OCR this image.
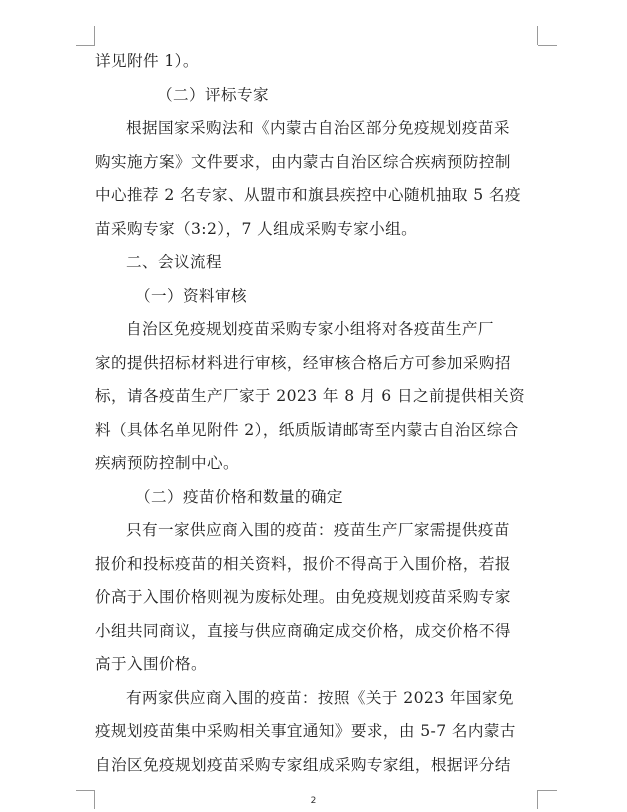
详见附件 1）。
（二）评标专家
根据国家采购法和《内蒙古自治区部分免疫规划疫苗采
购实施方案》文件要求，由内蒙古自治区综合疾病预防控制
中心推荐 2 名专家、从盟市和旗县疾控中心随机抽取 5 名疫
苗采购专家（3:2），7 人组成采购专家小组。
二、会议流程
（一）资料审核
自治区免疫规划疫苗采购专家小组将对各疫苗生产厂
家的提供招标材料进行审核，经审核合格后方可参加采购招
标，请各疫苗生产厂家于 2023 年 8 月 6 日之前提供相关资
料（具体名单见附件 2），纸质版请邮寄至内蒙古自治区综合
疾病预防控制中心。
（二）疫苗价格和数量的确定
只有一家供应商入围的疫苗：疫苗生产厂家需提供疫苗
报价和投标疫苗的相关资料，报价不得高于入围价格，若报
价高于入围价格则视为废标处理。由免疫规划疫苗采购专家
小组共同商议，直接与供应商确定成交价格，成交价格不得
高于入围价格。
有两家供应商入围的疫苗：按照《关于 2023 年国家免
疫规划疫苗集中采购相关事宜通知》要求，由 5-7 名内蒙古
自治区免疫规划疫苗采购专家组成采购专家组，根据评分结
2
